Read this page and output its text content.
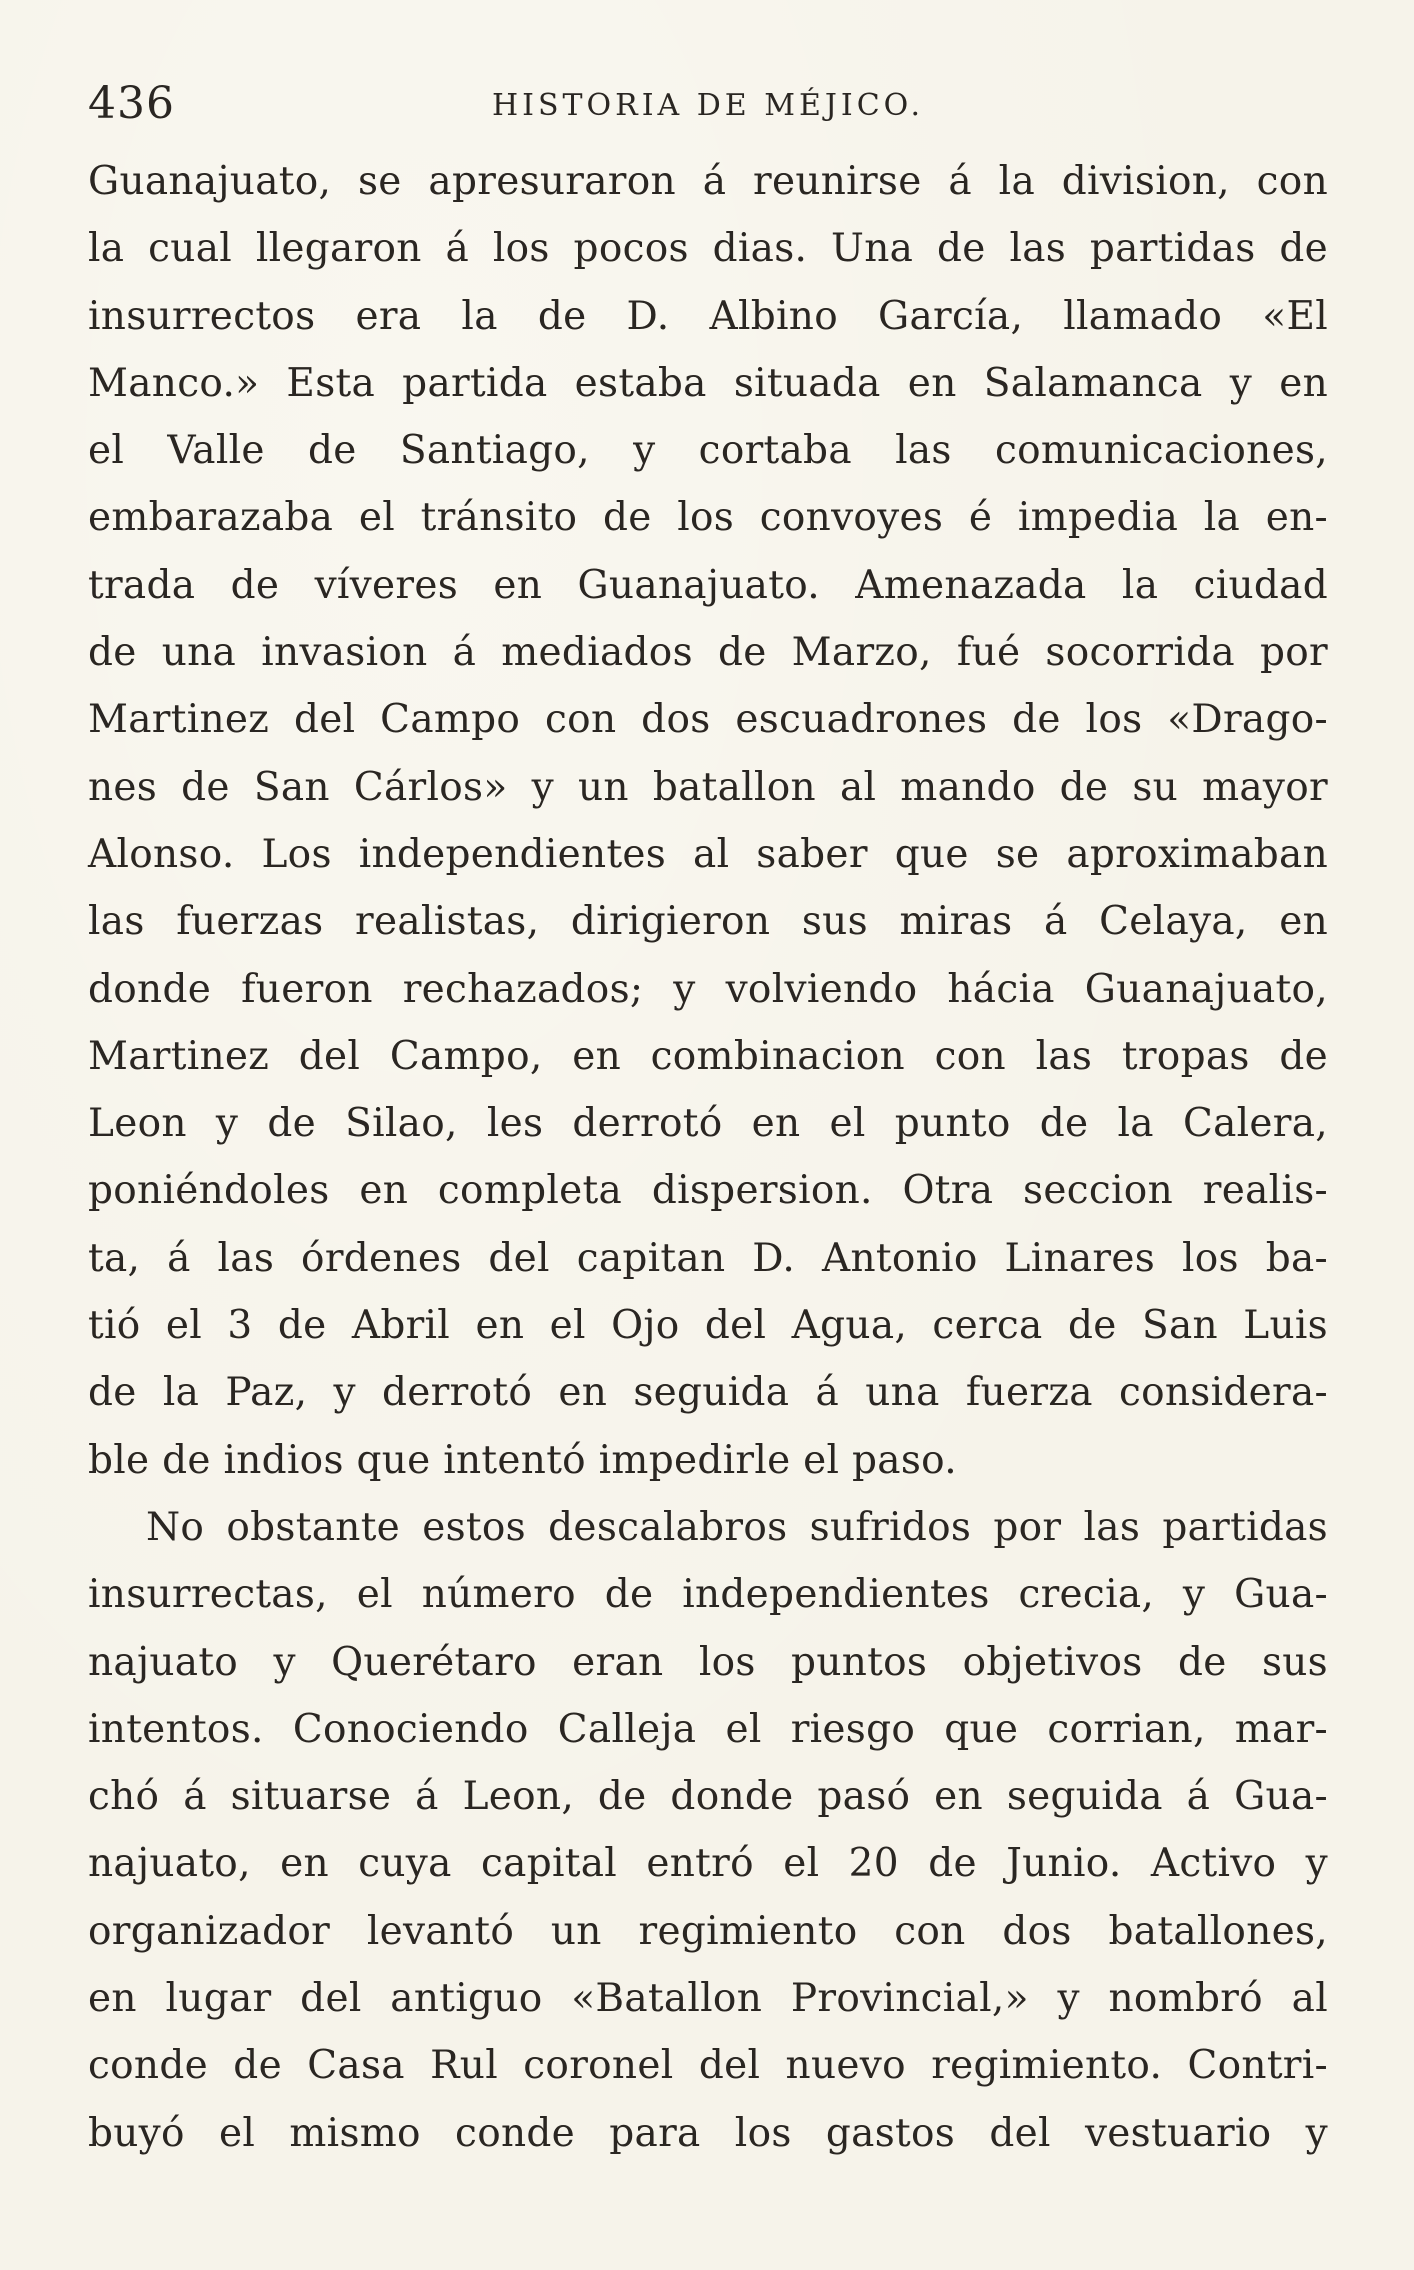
436	HISTORIA DE MÉJICO.
Guanajuato, se apresuraron á reunirse á la division, con
la cual llegaron á los pocos dias. Una de las partidas de
insurrectos era la de D. Albino García, llamado «El
Manco.» Esta partida estaba situada en Salamanca y en
el Valle de Santiago, y cortaba las comunicaciones,
embarazaba el tránsito de los convoyes é impedia la en-
trada de víveres en Guanajuato. Amenazada la ciudad
de una invasion á mediados de Marzo, fué socorrida por
Martinez del Campo con dos escuadrones de los «Drago-
nes de San Cárlos» y un batallon al mando de su mayor
Alonso. Los independientes al saber que se aproximaban
las fuerzas realistas, dirigieron sus miras á Celaya, en
donde fueron rechazados; y volviendo hácia Guanajuato,
Martinez del Campo, en combinacion con las tropas de
Leon y de Silao, les derrotó en el punto de la Calera,
poniéndoles en completa dispersion. Otra seccion realis-
ta, á las órdenes del capitan D. Antonio Linares los ba-
tió el 3 de Abril en el Ojo del Agua, cerca de San Luis
de la Paz, y derrotó en seguida á una fuerza considera-
ble de indios que intentó impedirle el paso.
No obstante estos descalabros sufridos por las partidas
insurrectas, el número de independientes crecia, y Gua-
najuato y Querétaro eran los puntos objetivos de sus
intentos. Conociendo Calleja el riesgo que corrian, mar-
chó á situarse á Leon, de donde pasó en seguida á Gua-
najuato, en cuya capital entró el 20 de Junio. Activo y
organizador levantó un regimiento con dos batallones,
en lugar del antiguo «Batallon Provincial,» y nombró al
conde de Casa Rul coronel del nuevo regimiento. Contri-
buyó el mismo conde para los gastos del vestuario y
